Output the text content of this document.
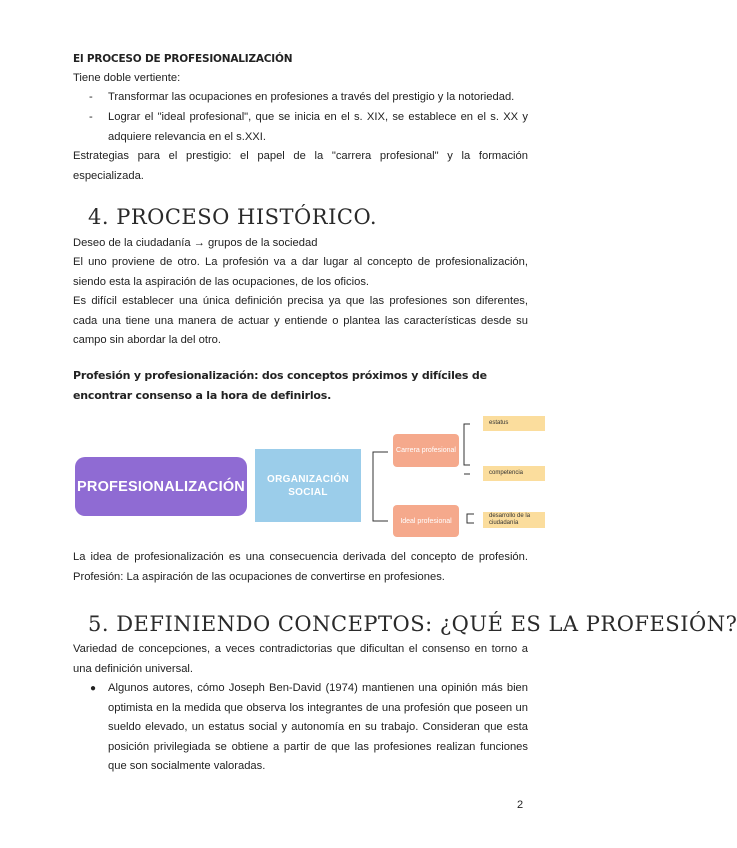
El PROCESO DE PROFESIONALIZACIÓN

Tiene doble vertiente:

- Transformar las ocupaciones en profesiones a través del prestigio y la notoriedad.

- Lograr el "ideal profesional", que se inicia en el s. XIX, se establece en el s. XX y adquiere relevancia en el s.XXI.

Estrategias para el prestigio: el papel de la "carrera profesional" y la formación especializada.

4. PROCESO HISTÓRICO.

Deseo de la ciudadanía → grupos de la sociedad

El uno proviene de otro. La profesión va a dar lugar al concepto de profesionalización, siendo esta la aspiración de las ocupaciones, de los oficios.

Es difícil establecer una única definición precisa ya que las profesiones son diferentes, cada una tiene una manera de actuar y entiende o plantea las características desde su campo sin abordar la del otro.

Profesión y profesionalización: dos conceptos próximos y difíciles de encontrar consenso a la hora de definirlos.

PROFESIONALIZACIÓN	ORGANIZACIÓN SOCIAL
Carrera profesional
Ideal profesional
estatus
competencia
desarrollo de la ciudadanía

La idea de profesionalización es una consecuencia derivada del concepto de profesión. Profesión: La aspiración de las ocupaciones de convertirse en profesiones.

5. DEFINIENDO CONCEPTOS: ¿QUÉ ES LA PROFESIÓN?

Variedad de concepciones, a veces contradictorias que dificultan el consenso en torno a una definición universal.

● Algunos autores, cómo Joseph Ben-David (1974) mantienen una opinión más bien optimista en la medida que observa los integrantes de una profesión que poseen un sueldo elevado, un estatus social y autonomía en su trabajo. Consideran que esta posición privilegiada se obtiene a partir de que las profesiones realizan funciones que son socialmente valoradas.

2
